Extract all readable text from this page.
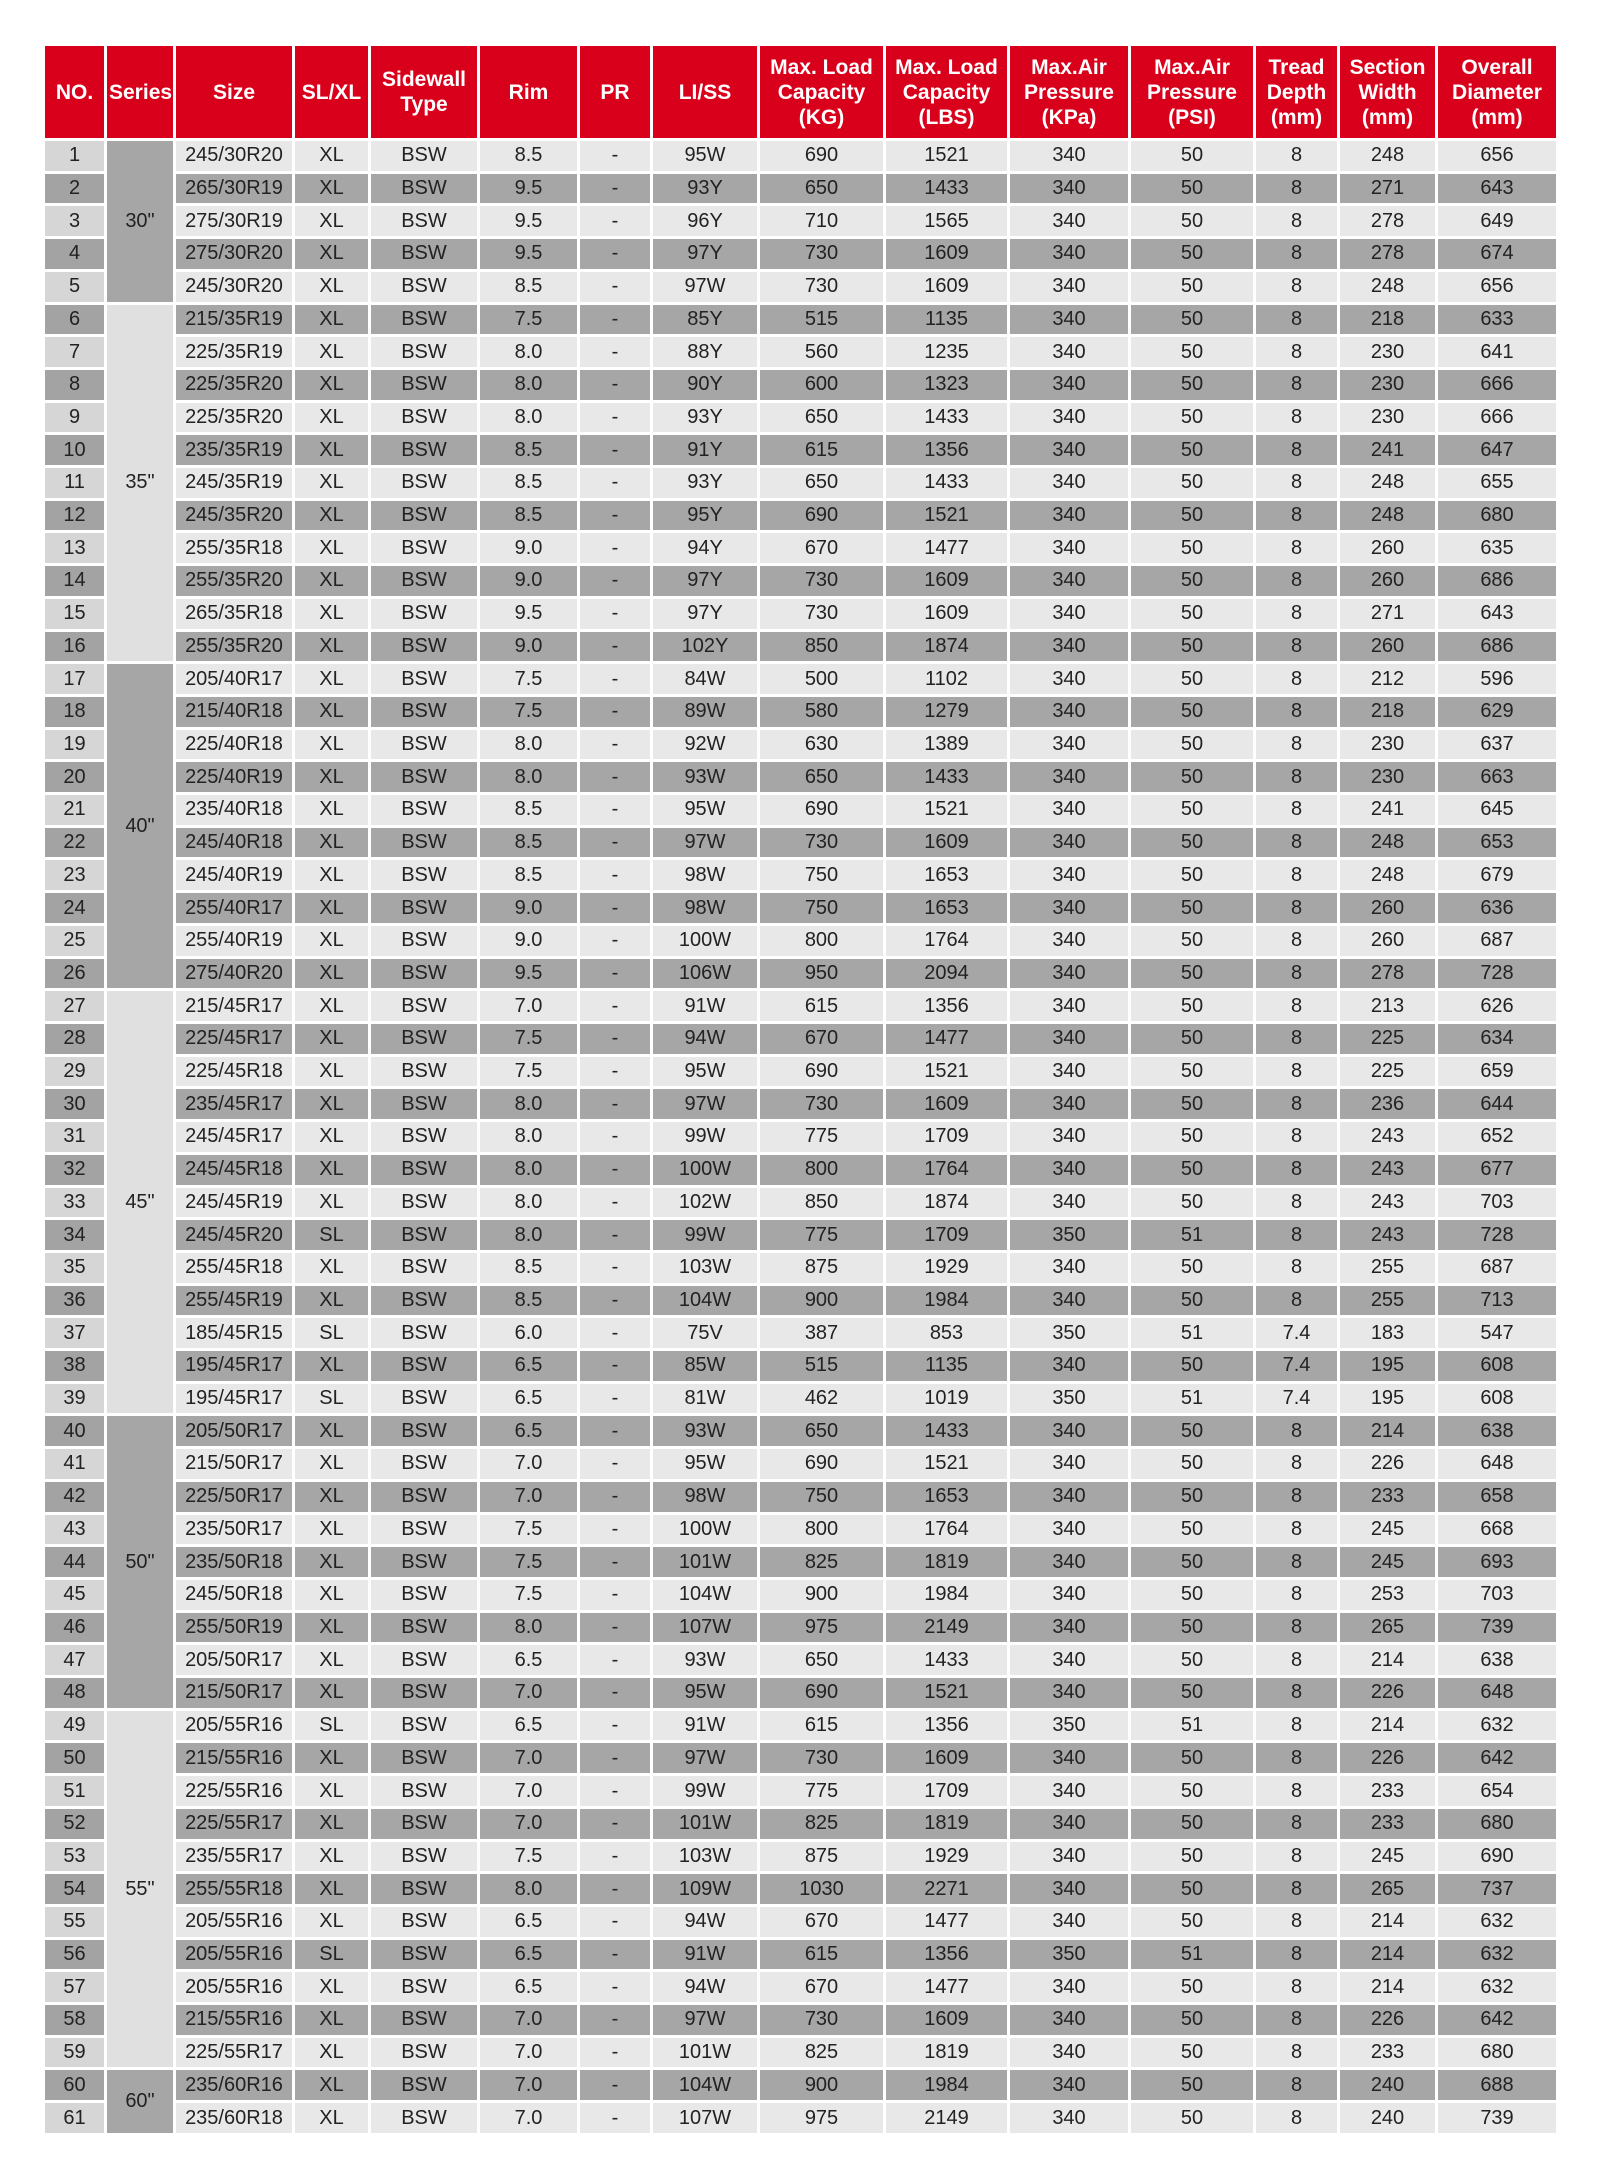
NO.	Series	Size	SL/XL	Sidewall Type	Rim	PR	LI/SS	Max. Load Capacity (KG)	Max. Load Capacity (LBS)	Max.Air Pressure (KPa)	Max.Air Pressure (PSI)	Tread Depth (mm)	Section Width (mm)	Overall Diameter (mm)
1	30"	245/30R20	XL	BSW	8.5	-	95W	690	1521	340	50	8	248	656
2		265/30R19	XL	BSW	9.5	-	93Y	650	1433	340	50	8	271	643
3		275/30R19	XL	BSW	9.5	-	96Y	710	1565	340	50	8	278	649
4		275/30R20	XL	BSW	9.5	-	97Y	730	1609	340	50	8	278	674
5		245/30R20	XL	BSW	8.5	-	97W	730	1609	340	50	8	248	656
6	35"	215/35R19	XL	BSW	7.5	-	85Y	515	1135	340	50	8	218	633
7		225/35R19	XL	BSW	8.0	-	88Y	560	1235	340	50	8	230	641
8		225/35R20	XL	BSW	8.0	-	90Y	600	1323	340	50	8	230	666
9		225/35R20	XL	BSW	8.0	-	93Y	650	1433	340	50	8	230	666
10		235/35R19	XL	BSW	8.5	-	91Y	615	1356	340	50	8	241	647
11		245/35R19	XL	BSW	8.5	-	93Y	650	1433	340	50	8	248	655
12		245/35R20	XL	BSW	8.5	-	95Y	690	1521	340	50	8	248	680
13		255/35R18	XL	BSW	9.0	-	94Y	670	1477	340	50	8	260	635
14		255/35R20	XL	BSW	9.0	-	97Y	730	1609	340	50	8	260	686
15		265/35R18	XL	BSW	9.5	-	97Y	730	1609	340	50	8	271	643
16		255/35R20	XL	BSW	9.0	-	102Y	850	1874	340	50	8	260	686
17	40"	205/40R17	XL	BSW	7.5	-	84W	500	1102	340	50	8	212	596
18		215/40R18	XL	BSW	7.5	-	89W	580	1279	340	50	8	218	629
19		225/40R18	XL	BSW	8.0	-	92W	630	1389	340	50	8	230	637
20		225/40R19	XL	BSW	8.0	-	93W	650	1433	340	50	8	230	663
21		235/40R18	XL	BSW	8.5	-	95W	690	1521	340	50	8	241	645
22		245/40R18	XL	BSW	8.5	-	97W	730	1609	340	50	8	248	653
23		245/40R19	XL	BSW	8.5	-	98W	750	1653	340	50	8	248	679
24		255/40R17	XL	BSW	9.0	-	98W	750	1653	340	50	8	260	636
25		255/40R19	XL	BSW	9.0	-	100W	800	1764	340	50	8	260	687
26		275/40R20	XL	BSW	9.5	-	106W	950	2094	340	50	8	278	728
27	45"	215/45R17	XL	BSW	7.0	-	91W	615	1356	340	50	8	213	626
28		225/45R17	XL	BSW	7.5	-	94W	670	1477	340	50	8	225	634
29		225/45R18	XL	BSW	7.5	-	95W	690	1521	340	50	8	225	659
30		235/45R17	XL	BSW	8.0	-	97W	730	1609	340	50	8	236	644
31		245/45R17	XL	BSW	8.0	-	99W	775	1709	340	50	8	243	652
32		245/45R18	XL	BSW	8.0	-	100W	800	1764	340	50	8	243	677
33		245/45R19	XL	BSW	8.0	-	102W	850	1874	340	50	8	243	703
34		245/45R20	SL	BSW	8.0	-	99W	775	1709	350	51	8	243	728
35		255/45R18	XL	BSW	8.5	-	103W	875	1929	340	50	8	255	687
36		255/45R19	XL	BSW	8.5	-	104W	900	1984	340	50	8	255	713
37		185/45R15	SL	BSW	6.0	-	75V	387	853	350	51	7.4	183	547
38		195/45R17	XL	BSW	6.5	-	85W	515	1135	340	50	7.4	195	608
39		195/45R17	SL	BSW	6.5	-	81W	462	1019	350	51	7.4	195	608
40	50"	205/50R17	XL	BSW	6.5	-	93W	650	1433	340	50	8	214	638
41		215/50R17	XL	BSW	7.0	-	95W	690	1521	340	50	8	226	648
42		225/50R17	XL	BSW	7.0	-	98W	750	1653	340	50	8	233	658
43		235/50R17	XL	BSW	7.5	-	100W	800	1764	340	50	8	245	668
44		235/50R18	XL	BSW	7.5	-	101W	825	1819	340	50	8	245	693
45		245/50R18	XL	BSW	7.5	-	104W	900	1984	340	50	8	253	703
46		255/50R19	XL	BSW	8.0	-	107W	975	2149	340	50	8	265	739
47		205/50R17	XL	BSW	6.5	-	93W	650	1433	340	50	8	214	638
48		215/50R17	XL	BSW	7.0	-	95W	690	1521	340	50	8	226	648
49	55"	205/55R16	SL	BSW	6.5	-	91W	615	1356	350	51	8	214	632
50		215/55R16	XL	BSW	7.0	-	97W	730	1609	340	50	8	226	642
51		225/55R16	XL	BSW	7.0	-	99W	775	1709	340	50	8	233	654
52		225/55R17	XL	BSW	7.0	-	101W	825	1819	340	50	8	233	680
53		235/55R17	XL	BSW	7.5	-	103W	875	1929	340	50	8	245	690
54		255/55R18	XL	BSW	8.0	-	109W	1030	2271	340	50	8	265	737
55		205/55R16	XL	BSW	6.5	-	94W	670	1477	340	50	8	214	632
56		205/55R16	SL	BSW	6.5	-	91W	615	1356	350	51	8	214	632
57		205/55R16	XL	BSW	6.5	-	94W	670	1477	340	50	8	214	632
58		215/55R16	XL	BSW	7.0	-	97W	730	1609	340	50	8	226	642
59		225/55R17	XL	BSW	7.0	-	101W	825	1819	340	50	8	233	680
60	60"	235/60R16	XL	BSW	7.0	-	104W	900	1984	340	50	8	240	688
61		235/60R18	XL	BSW	7.0	-	107W	975	2149	340	50	8	240	739
